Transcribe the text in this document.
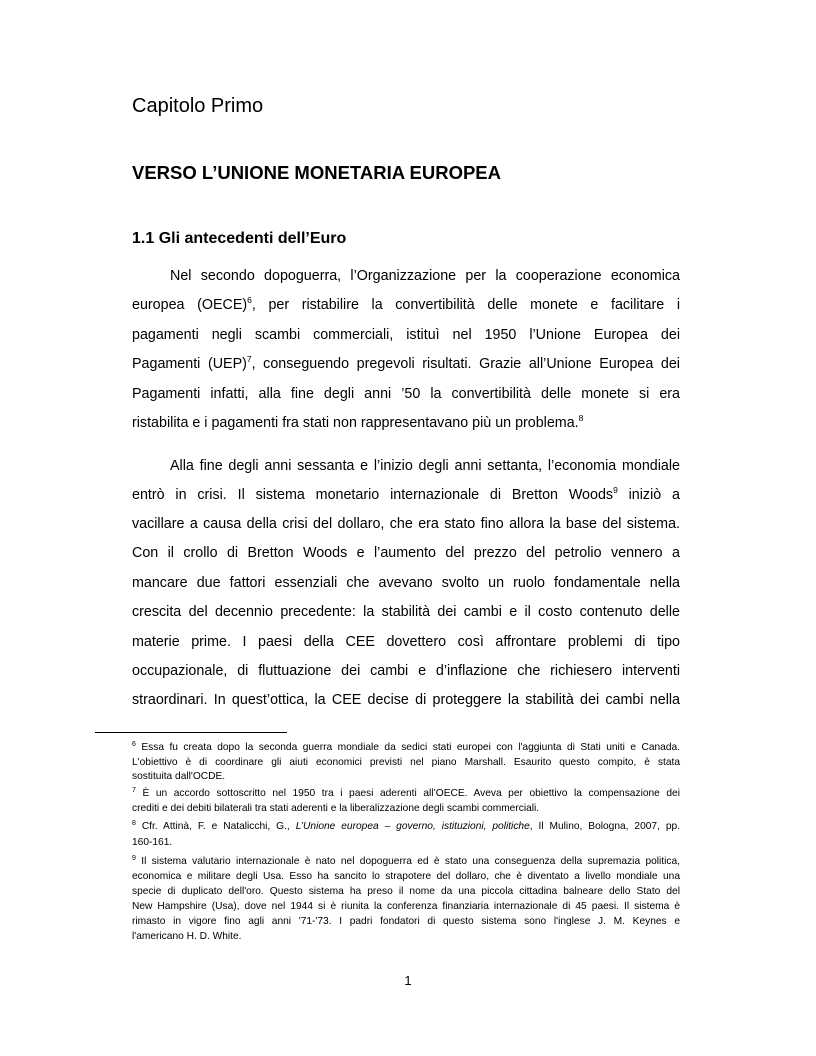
Capitolo Primo
VERSO L’UNIONE MONETARIA EUROPEA
1.1 Gli antecedenti dell’Euro
Nel secondo dopoguerra, l’Organizzazione per la cooperazione economica
europea (OECE)$^6$, per ristabilire la convertibilità delle monete e facilitare i
pagamenti negli scambi commerciali, istituì nel 1950 l’Unione Europea dei
Pagamenti (UEP)$^7$, conseguendo pregevoli risultati. Grazie all’Unione Europea dei
Pagamenti infatti, alla fine degli anni ’50 la convertibilità delle monete si era
ristabilita e i pagamenti fra stati non rappresentavano più un problema.$^8$
Alla fine degli anni sessanta e l’inizio degli anni settanta, l’economia mondiale
entrò in crisi. Il sistema monetario internazionale di Bretton Woods$^9$ iniziò a
vacillare a causa della crisi del dollaro, che era stato fino allora la base del sistema.
Con il crollo di Bretton Woods e l’aumento del prezzo del petrolio vennero a
mancare due fattori essenziali che avevano svolto un ruolo fondamentale nella
crescita del decennio precedente: la stabilità dei cambi e il costo contenuto delle
materie prime. I paesi della CEE dovettero così affrontare problemi di tipo
occupazionale, di fluttuazione dei cambi e d’inflazione che richiesero interventi
straordinari. In quest’ottica, la CEE decise di proteggere la stabilità dei cambi nella
$^6$ Essa fu creata dopo la seconda guerra mondiale da sedici stati europei con l'aggiunta di Stati uniti e Canada.
L'obiettivo è di coordinare gli aiuti economici previsti nel piano Marshall. Esaurito questo compito, è stata
sostituita dall'OCDE.
$^7$ È un accordo sottoscritto nel 1950 tra i paesi aderenti all’OECE. Aveva per obiettivo la compensazione dei
crediti e dei debiti bilaterali tra stati aderenti e la liberalizzazione degli scambi commerciali.
$^8$ Cfr. Attinà, F. e Natalicchi, G., L’Unione europea – governo, istituzioni, politiche, Il Mulino, Bologna, 2007, pp.
160-161.
$^9$ Il sistema valutario internazionale è nato nel dopoguerra ed è stato una conseguenza della supremazia politica,
economica e militare degli Usa. Esso ha sancito lo strapotere del dollaro, che è diventato a livello mondiale una
specie di duplicato dell'oro. Questo sistema ha preso il nome da una piccola cittadina balneare dello Stato del
New Hampshire (Usa), dove nel 1944 si è riunita la conferenza finanziaria internazionale di 45 paesi. Il sistema è
rimasto in vigore fino agli anni '71-'73. I padri fondatori di questo sistema sono l'inglese J. M. Keynes e
l'americano H. D. White.
1
